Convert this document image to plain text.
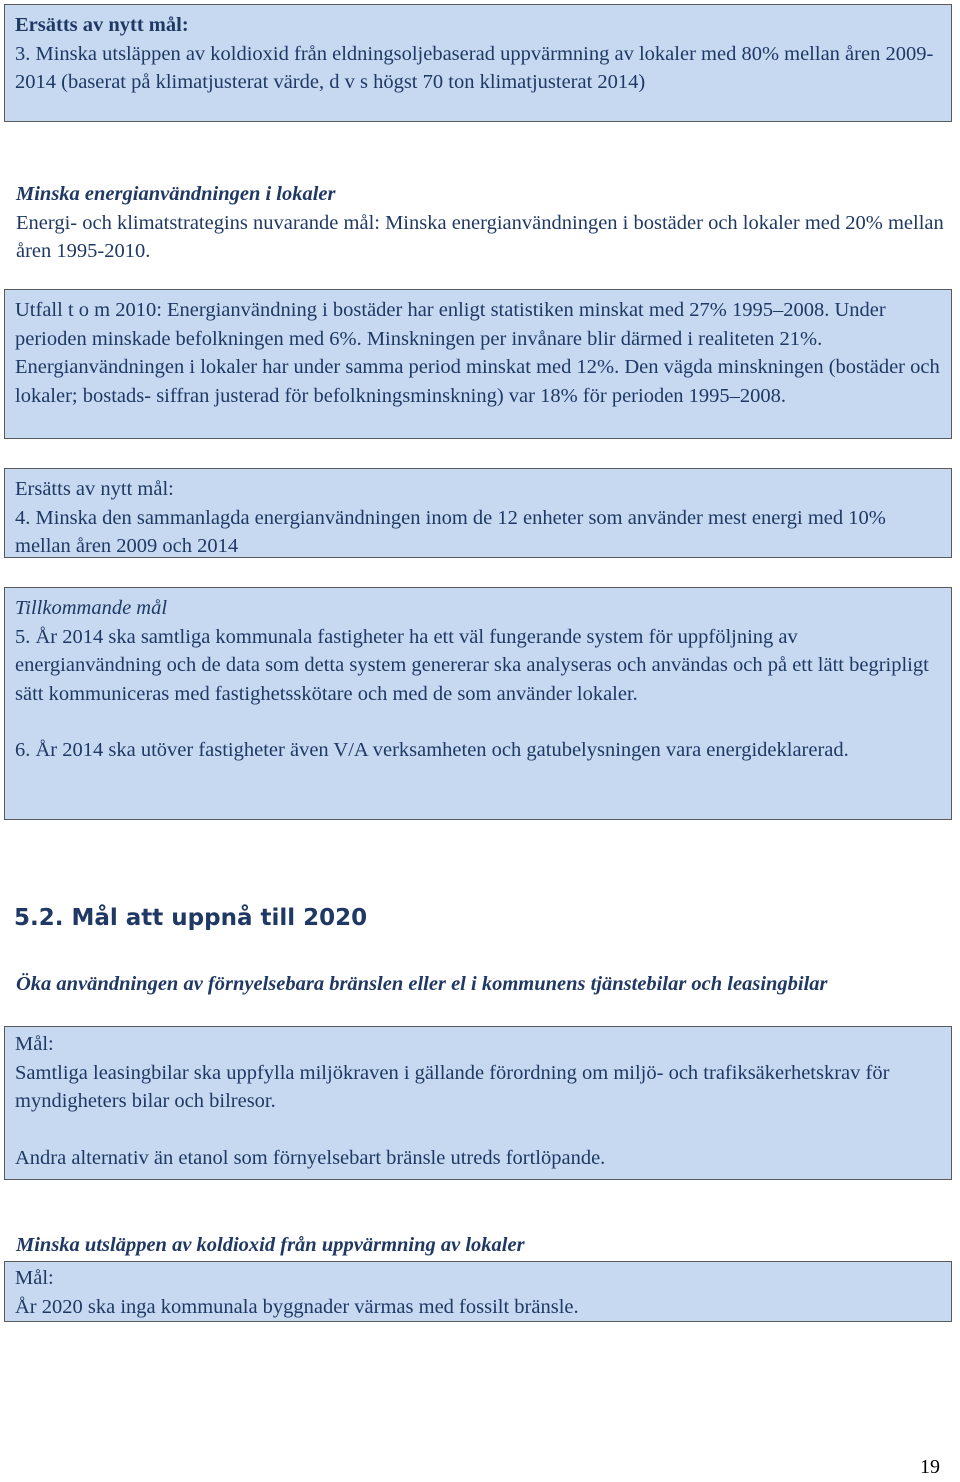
Ersätts av nytt mål:

3. Minska utsläppen av koldioxid från eldningsoljebaserad uppvärmning av lokaler med 80% mellan åren 2009-2014 (baserat på klimatjusterat värde, d v s högst 70 ton klimatjusterat 2014)

Minska energianvändningen i lokaler

Energi- och klimatstrategins nuvarande mål: Minska energianvändningen i bostäder och lokaler med 20% mellan åren 1995-2010.

Utfall t o m 2010: Energianvändning i bostäder har enligt statistiken minskat med 27% 1995–2008. Under perioden minskade befolkningen med 6%. Minskningen per invånare blir därmed i realiteten 21%. Energianvändningen i lokaler har under samma period minskat med 12%. Den vägda minskningen (bostäder och lokaler; bostads- siffran justerad för befolkningsminskning) var 18% för perioden 1995–2008.

Ersätts av nytt mål:

4. Minska den sammanlagda energianvändningen inom de 12 enheter som använder mest energi med 10% mellan åren 2009 och 2014

Tillkommande mål

5. År 2014 ska samtliga kommunala fastigheter ha ett väl fungerande system för uppföljning av energianvändning och de data som detta system genererar ska analyseras och användas och på ett lätt begripligt sätt kommuniceras med fastighetsskötare och med de som använder lokaler.

6. År 2014 ska utöver fastigheter även V/A verksamheten och gatubelysningen vara energideklarerad.

5.2. Mål att uppnå till 2020

Öka användningen av förnyelsebara bränslen eller el i kommunens tjänstebilar och leasingbilar

Mål:

Samtliga leasingbilar ska uppfylla miljökraven i gällande förordning om miljö- och trafiksäkerhetskrav för myndigheters bilar och bilresor.

Andra alternativ än etanol som förnyelsebart bränsle utreds fortlöpande.

Minska utsläppen av koldioxid från uppvärmning av lokaler

Mål:

År 2020 ska inga kommunala byggnader värmas med fossilt bränsle.

19
